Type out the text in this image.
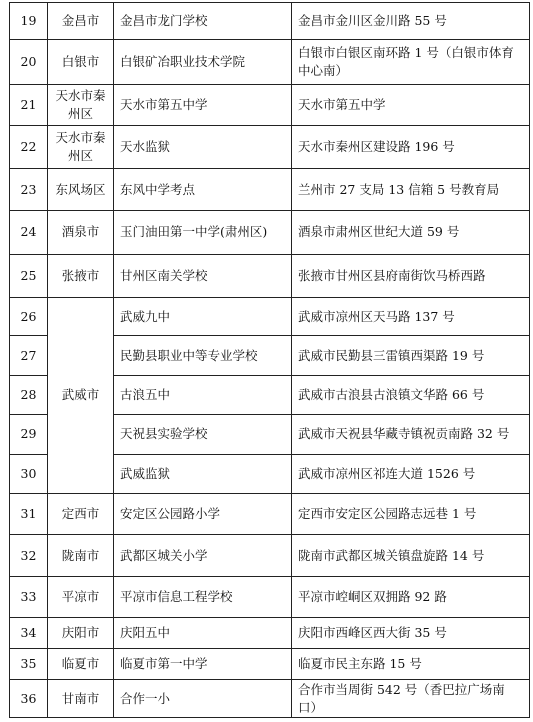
19	金昌市	金昌市龙门学校	金昌市金川区金川路 55 号
20	白银市	白银矿冶职业技术学院	白银市白银区南环路 1 号（白银市体育中心南）
21	天水市秦州区	天水市第五中学	天水市第五中学
22	天水市秦州区	天水监狱	天水市秦州区建设路 196 号
23	东风场区	东风中学考点	兰州市 27 支局 13 信箱 5 号教育局
24	酒泉市	玉门油田第一中学(肃州区)	酒泉市肃州区世纪大道 59 号
25	张掖市	甘州区南关学校	张掖市甘州区县府南街饮马桥西路
26	武威市	武威九中	武威市凉州区天马路 137 号
27		民勤县职业中等专业学校	武威市民勤县三雷镇西渠路 19 号
28		古浪五中	武威市古浪县古浪镇文华路 66 号
29		天祝县实验学校	武威市天祝县华藏寺镇祝贡南路 32 号
30		武威监狱	武威市凉州区祁连大道 1526 号
31	定西市	安定区公园路小学	定西市安定区公园路志远巷 1 号
32	陇南市	武都区城关小学	陇南市武都区城关镇盘旋路 14 号
33	平凉市	平凉市信息工程学校	平凉市崆峒区双拥路 92 路
34	庆阳市	庆阳五中	庆阳市西峰区西大街 35 号
35	临夏市	临夏市第一中学	临夏市民主东路 15 号
36	甘南市	合作一小	合作市当周街 542 号（香巴拉广场南口）
